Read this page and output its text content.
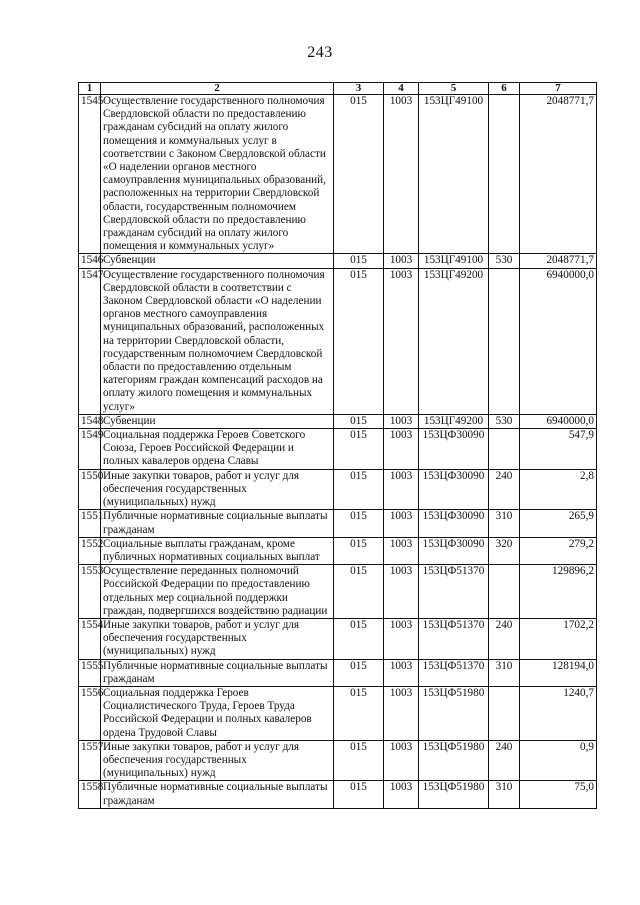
243
1	2	3	4	5	6	7
1545	Осуществление государственного полномочия Свердловской области по предоставлению гражданам субсидий на оплату жилого помещения и коммунальных услуг в соответствии с Законом Свердловской области «О наделении органов местного самоуправления муниципальных образований, расположенных на территории Свердловской области, государственным полномочием Свердловской области по предоставлению гражданам субсидий на оплату жилого помещения и коммунальных услуг»	015	1003	153ЦГ49100		2048771,7
1546	Субвенции	015	1003	153ЦГ49100	530	2048771,7
1547	Осуществление государственного полномочия Свердловской области в соответствии с Законом Свердловской области «О наделении органов местного самоуправления муниципальных образований, расположенных на территории Свердловской области, государственным полномочием Свердловской области по предоставлению отдельным категориям граждан компенсаций расходов на оплату жилого помещения и коммунальных услуг»	015	1003	153ЦГ49200		6940000,0
1548	Субвенции	015	1003	153ЦГ49200	530	6940000,0
1549	Социальная поддержка Героев Советского Союза, Героев Российской Федерации и полных кавалеров ордена Славы	015	1003	153ЦФ30090		547,9
1550	Иные закупки товаров, работ и услуг для обеспечения государственных (муниципальных) нужд	015	1003	153ЦФ30090	240	2,8
1551	Публичные нормативные социальные выплаты гражданам	015	1003	153ЦФ30090	310	265,9
1552	Социальные выплаты гражданам, кроме публичных нормативных социальных выплат	015	1003	153ЦФ30090	320	279,2
1553	Осуществление переданных полномочий Российской Федерации по предоставлению отдельных мер социальной поддержки граждан, подвергшихся воздействию радиации	015	1003	153ЦФ51370		129896,2
1554	Иные закупки товаров, работ и услуг для обеспечения государственных (муниципальных) нужд	015	1003	153ЦФ51370	240	1702,2
1555	Публичные нормативные социальные выплаты гражданам	015	1003	153ЦФ51370	310	128194,0
1556	Социальная поддержка Героев Социалистического Труда, Героев Труда Российской Федерации и полных кавалеров ордена Трудовой Славы	015	1003	153ЦФ51980		1240,7
1557	Иные закупки товаров, работ и услуг для обеспечения государственных (муниципальных) нужд	015	1003	153ЦФ51980	240	0,9
1558	Публичные нормативные социальные выплаты гражданам	015	1003	153ЦФ51980	310	75,0
